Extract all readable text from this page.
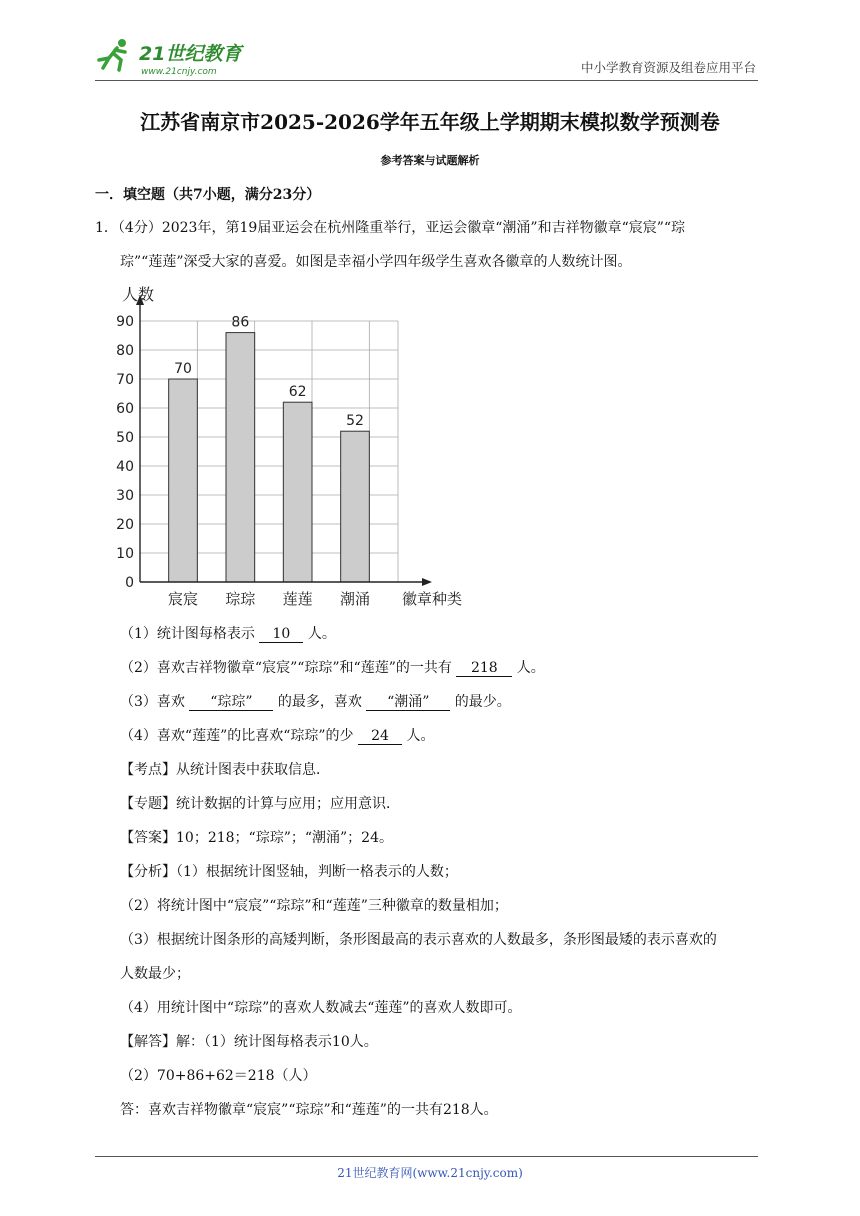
21世纪教育
www.21cnjy.com	中小学教育资源及组卷应用平台
江苏省南京市2025-2026学年五年级上学期期末模拟数学预测卷
参考答案与试题解析
一．填空题（共7小题，满分23分）
1．（4分）2023年，第19届亚运会在杭州隆重举行，亚运会徽章“潮涌”和吉祥物徽章“宸宸”“琮
琮”“莲莲”深受大家的喜爱。如图是幸福小学四年级学生喜欢各徽章的人数统计图。
0
10
20
30
40
50
60
70
80
90
70
宸宸
86
琮琮
62
莲莲
52
潮涌
人数
徽章种类
（1）统计图每格表示 10 人。
（2）喜欢吉祥物徽章“宸宸”“琮琮”和“莲莲”的一共有 218 人。
（3）喜欢 “琮琮” 的最多，喜欢 “潮涌” 的最少。
（4）喜欢“莲莲”的比喜欢“琮琮”的少 24 人。
【考点】从统计图表中获取信息．
【专题】统计数据的计算与应用；应用意识．
【答案】10；218；“琮琮”；“潮涌”；24。
【分析】（1）根据统计图竖轴，判断一格表示的人数；
（2）将统计图中“宸宸”“琮琮”和“莲莲”三种徽章的数量相加；
（3）根据统计图条形的高矮判断，条形图最高的表示喜欢的人数最多，条形图最矮的表示喜欢的
人数最少；
（4）用统计图中“琮琮”的喜欢人数减去“莲莲”的喜欢人数即可。
【解答】解：（1）统计图每格表示10人。
（2）70+86+62＝218（人）
答：喜欢吉祥物徽章“宸宸”“琮琮”和“莲莲”的一共有218人。
21世纪教育网(www.21cnjy.com)
